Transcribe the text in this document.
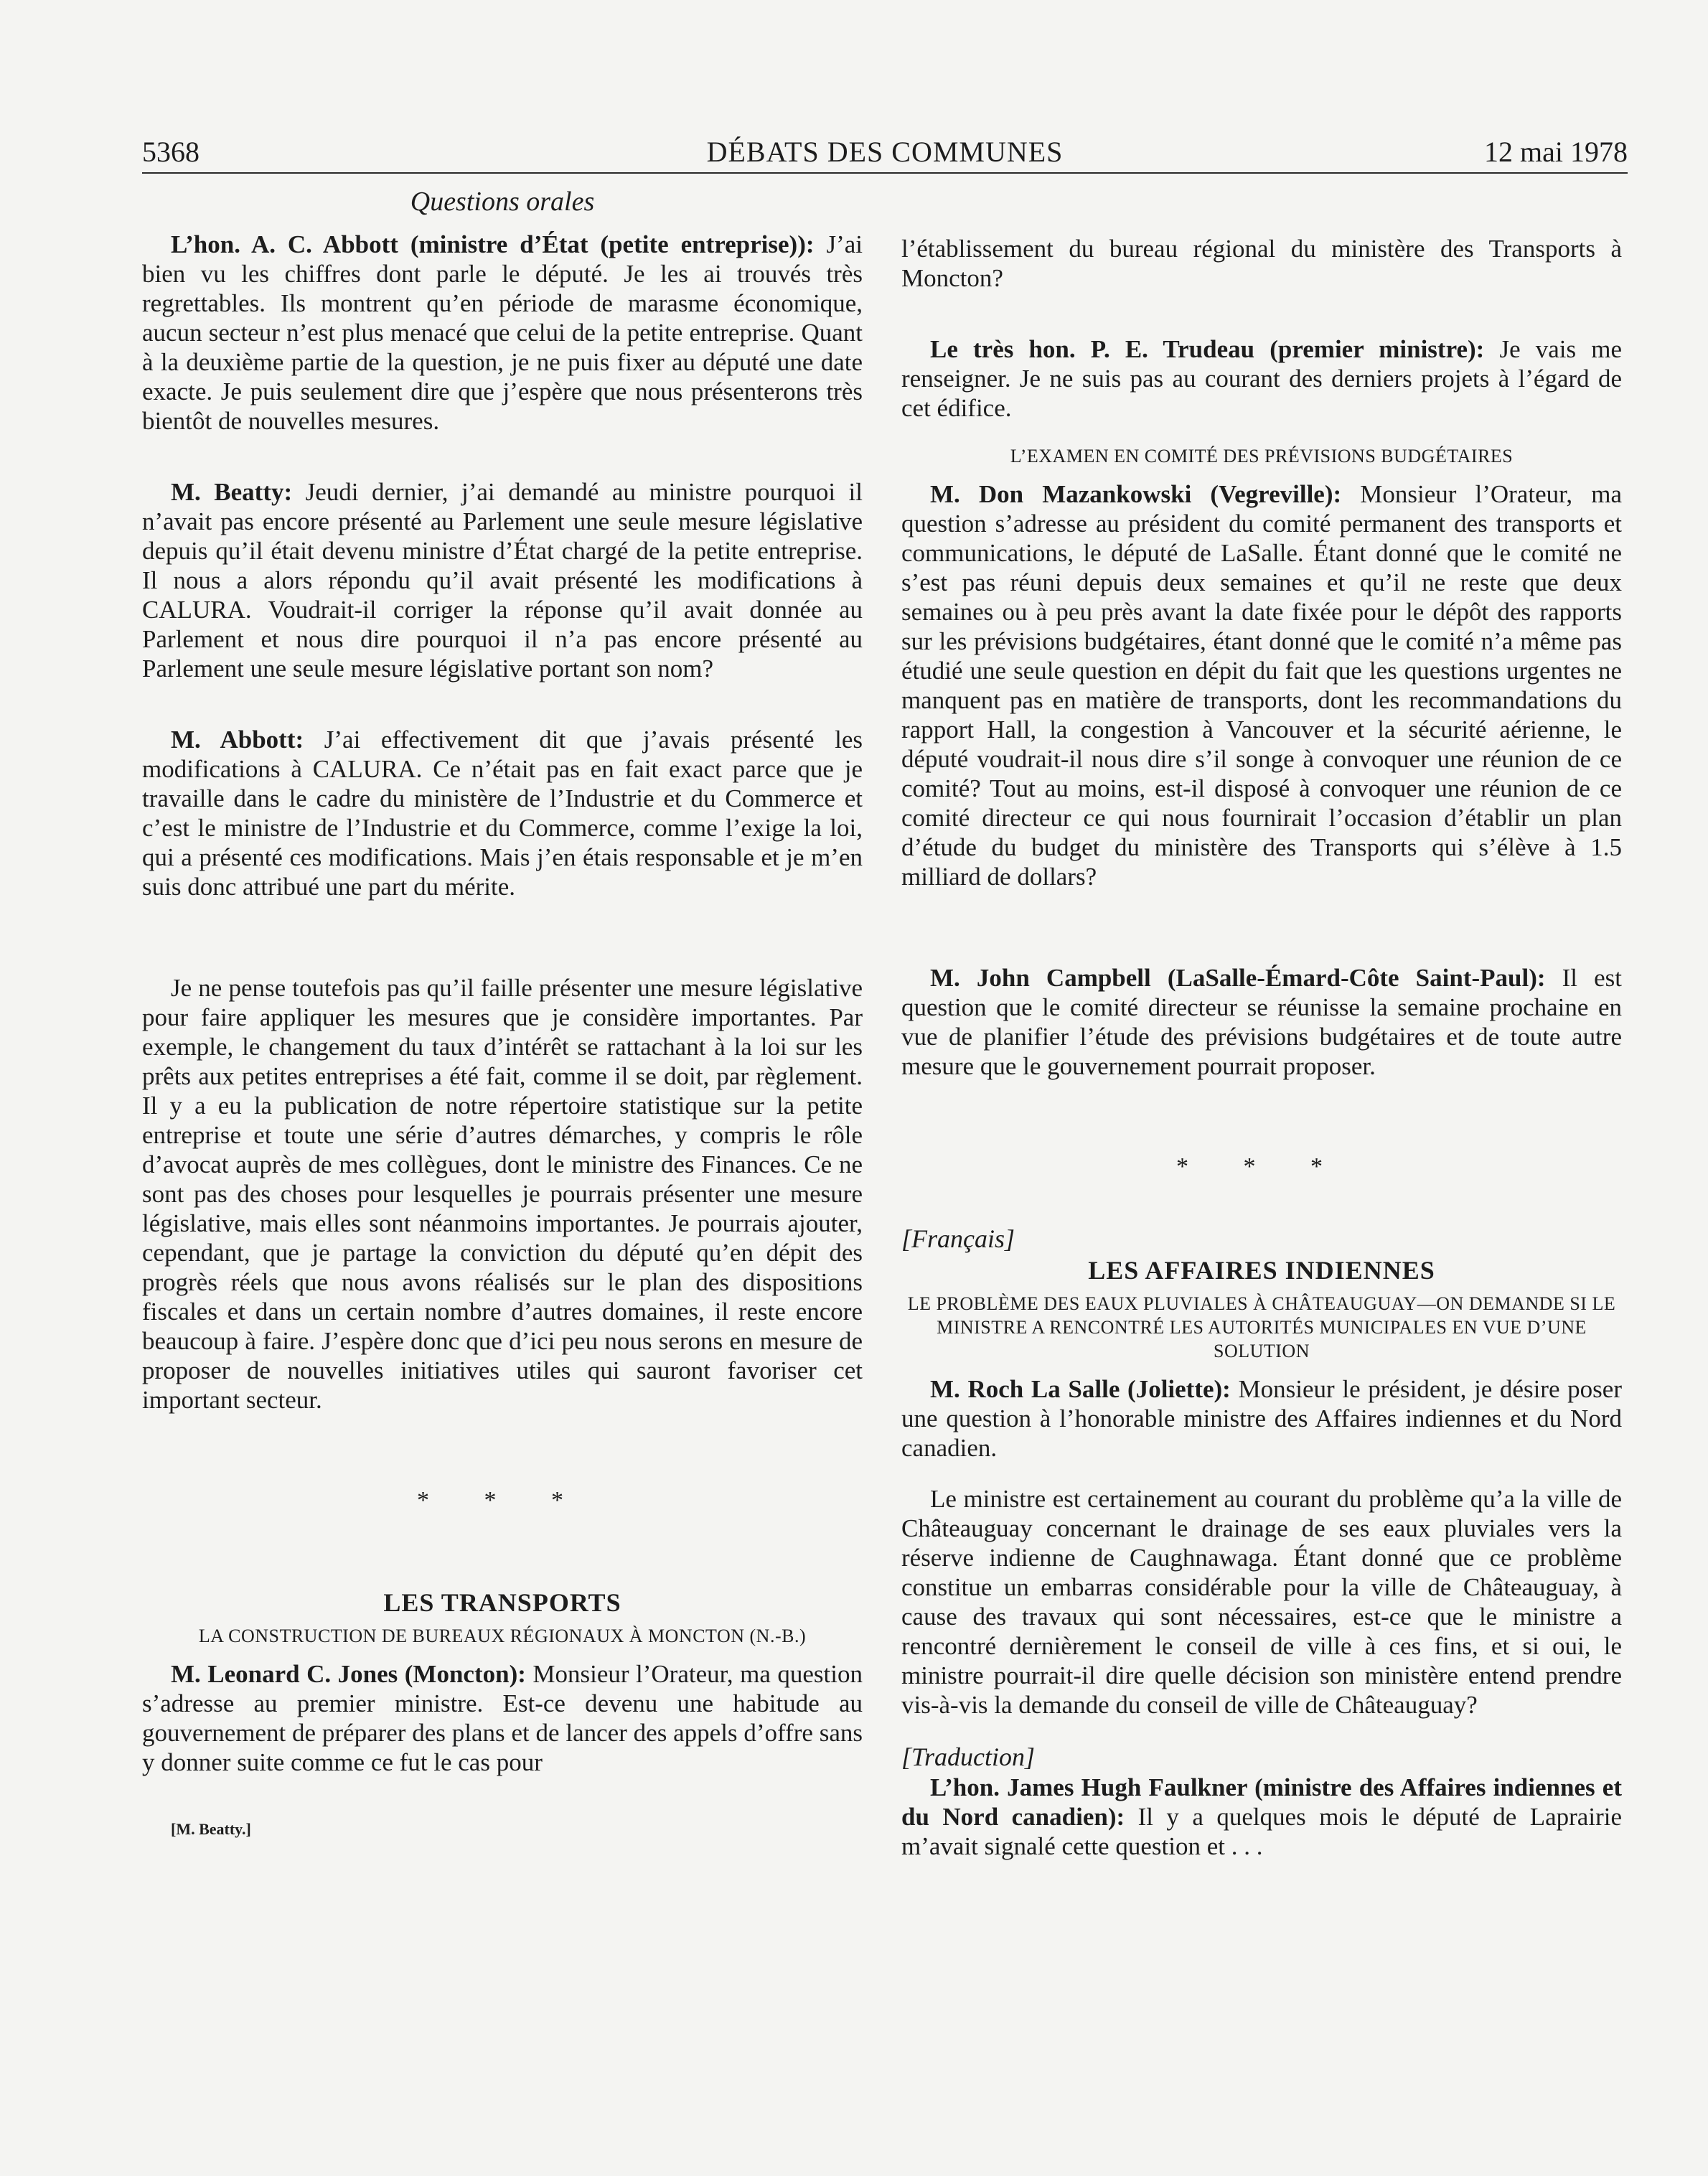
5368	DÉBATS DES COMMUNES	12 mai 1978
Questions orales

L’hon. A. C. Abbott (ministre d’État (petite entreprise)): J’ai bien vu les chiffres dont parle le député. Je les ai trouvés très regrettables. Ils montrent qu’en période de marasme économique, aucun secteur n’est plus menacé que celui de la petite entreprise. Quant à la deuxième partie de la question, je ne puis fixer au député une date exacte. Je puis seulement dire que j’espère que nous présenterons très bientôt de nouvelles mesures.

M. Beatty: Jeudi dernier, j’ai demandé au ministre pourquoi il n’avait pas encore présenté au Parlement une seule mesure législative depuis qu’il était devenu ministre d’État chargé de la petite entreprise. Il nous a alors répondu qu’il avait présenté les modifications à CALURA. Voudrait-il corriger la réponse qu’il avait donnée au Parlement et nous dire pourquoi il n’a pas encore présenté au Parlement une seule mesure législative portant son nom?

M. Abbott: J’ai effectivement dit que j’avais présenté les modifications à CALURA. Ce n’était pas en fait exact parce que je travaille dans le cadre du ministère de l’Industrie et du Commerce et c’est le ministre de l’Industrie et du Commerce, comme l’exige la loi, qui a présenté ces modifications. Mais j’en étais responsable et je m’en suis donc attribué une part du mérite.

Je ne pense toutefois pas qu’il faille présenter une mesure législative pour faire appliquer les mesures que je considère importantes. Par exemple, le changement du taux d’intérêt se rattachant à la loi sur les prêts aux petites entreprises a été fait, comme il se doit, par règlement. Il y a eu la publication de notre répertoire statistique sur la petite entreprise et toute une série d’autres démarches, y compris le rôle d’avocat auprès de mes collègues, dont le ministre des Finances. Ce ne sont pas des choses pour lesquelles je pourrais présenter une mesure législative, mais elles sont néanmoins importantes. Je pourrais ajouter, cependant, que je partage la conviction du député qu’en dépit des progrès réels que nous avons réalisés sur le plan des dispositions fiscales et dans un certain nombre d’autres domaines, il reste encore beaucoup à faire. J’espère donc que d’ici peu nous serons en mesure de proposer de nouvelles initiatives utiles qui sauront favoriser cet important secteur.

* * *
LES TRANSPORTS
LA CONSTRUCTION DE BUREAUX RÉGIONAUX À MONCTON (N.-B.)

M. Leonard C. Jones (Moncton): Monsieur l’Orateur, ma question s’adresse au premier ministre. Est-ce devenu une habitude au gouvernement de préparer des plans et de lancer des appels d’offre sans y donner suite comme ce fut le cas pour

[M. Beatty.]

l’établissement du bureau régional du ministère des Transports à Moncton?

Le très hon. P. E. Trudeau (premier ministre): Je vais me renseigner. Je ne suis pas au courant des derniers projets à l’égard de cet édifice.

L’EXAMEN EN COMITÉ DES PRÉVISIONS BUDGÉTAIRES

M. Don Mazankowski (Vegreville): Monsieur l’Orateur, ma question s’adresse au président du comité permanent des transports et communications, le député de LaSalle. Étant donné que le comité ne s’est pas réuni depuis deux semaines et qu’il ne reste que deux semaines ou à peu près avant la date fixée pour le dépôt des rapports sur les prévisions budgétaires, étant donné que le comité n’a même pas étudié une seule question en dépit du fait que les questions urgentes ne manquent pas en matière de transports, dont les recommandations du rapport Hall, la congestion à Vancouver et la sécurité aérienne, le député voudrait-il nous dire s’il songe à convoquer une réunion de ce comité? Tout au moins, est-il disposé à convoquer une réunion de ce comité directeur ce qui nous fournirait l’occasion d’établir un plan d’étude du budget du ministère des Transports qui s’élève à 1.5 milliard de dollars?

M. John Campbell (LaSalle-Émard-Côte Saint-Paul): Il est question que le comité directeur se réunisse la semaine prochaine en vue de planifier l’étude des prévisions budgétaires et de toute autre mesure que le gouvernement pourrait proposer.

* * *
[Français]
LES AFFAIRES INDIENNES
LE PROBLÈME DES EAUX PLUVIALES À CHÂTEAUGUAY—ON DEMANDE SI LE MINISTRE A RENCONTRÉ LES AUTORITÉS MUNICIPALES EN VUE D’UNE SOLUTION

M. Roch La Salle (Joliette): Monsieur le président, je désire poser une question à l’honorable ministre des Affaires indiennes et du Nord canadien.

Le ministre est certainement au courant du problème qu’a la ville de Châteauguay concernant le drainage de ses eaux pluviales vers la réserve indienne de Caughnawaga. Étant donné que ce problème constitue un embarras considérable pour la ville de Châteauguay, à cause des travaux qui sont nécessaires, est-ce que le ministre a rencontré dernièrement le conseil de ville à ces fins, et si oui, le ministre pourrait-il dire quelle décision son ministère entend prendre vis-à-vis la demande du conseil de ville de Châteauguay?

[Traduction]

L’hon. James Hugh Faulkner (ministre des Affaires indiennes et du Nord canadien): Il y a quelques mois le député de Laprairie m’avait signalé cette question et . . .
